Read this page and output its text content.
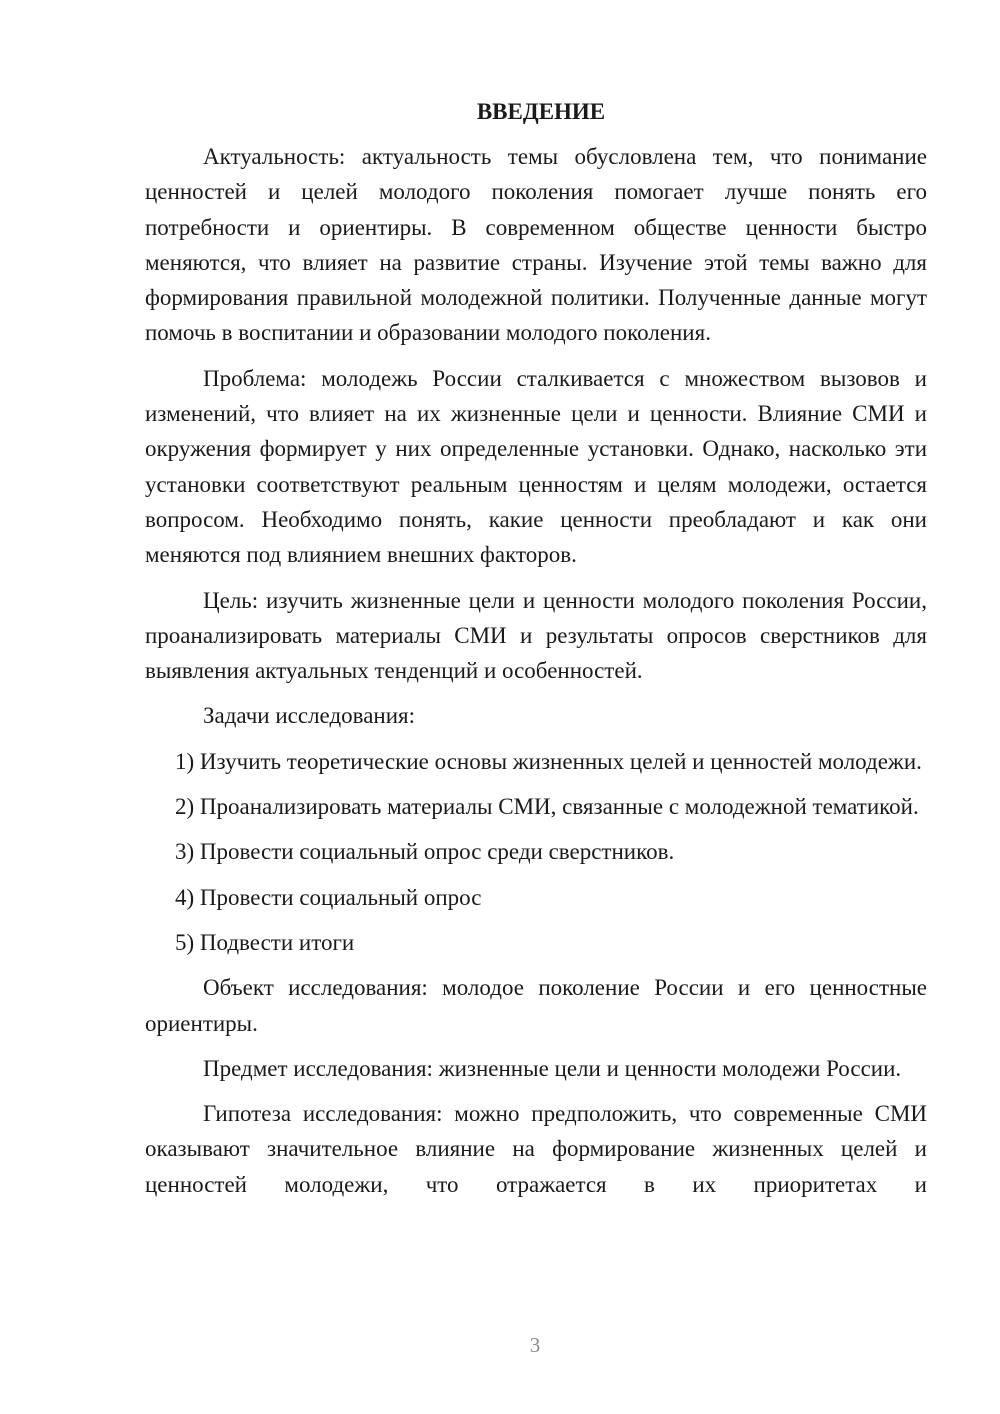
ВВЕДЕНИЕ

Актуальность: актуальность темы обусловлена тем, что понимание ценностей и целей молодого поколения помогает лучше понять его потребности и ориентиры. В современном обществе ценности быстро меняются, что влияет на развитие страны. Изучение этой темы важно для формирования правильной молодежной политики. Полученные данные могут помочь в воспитании и образовании молодого поколения.

Проблема: молодежь России сталкивается с множеством вызовов и изменений, что влияет на их жизненные цели и ценности. Влияние СМИ и окружения формирует у них определенные установки. Однако, насколько эти установки соответствуют реальным ценностям и целям молодежи, остается вопросом. Необходимо понять, какие ценности преобладают и как они меняются под влиянием внешних факторов.

Цель: изучить жизненные цели и ценности молодого поколения России, проанализировать материалы СМИ и результаты опросов сверстников для выявления актуальных тенденций и особенностей.

Задачи исследования:

1) Изучить теоретические основы жизненных целей и ценностей молодежи.

2) Проанализировать материалы СМИ, связанные с молодежной тематикой.

3) Провести социальный опрос среди сверстников.

4) Провести социальный опрос

5) Подвести итоги

Объект исследования: молодое поколение России и его ценностные ориентиры.

Предмет исследования: жизненные цели и ценности молодежи России.

Гипотеза исследования: можно предположить, что современные СМИ оказывают значительное влияние на формирование жизненных целей и ценностей молодежи, что отражается в их приоритетах и

3
